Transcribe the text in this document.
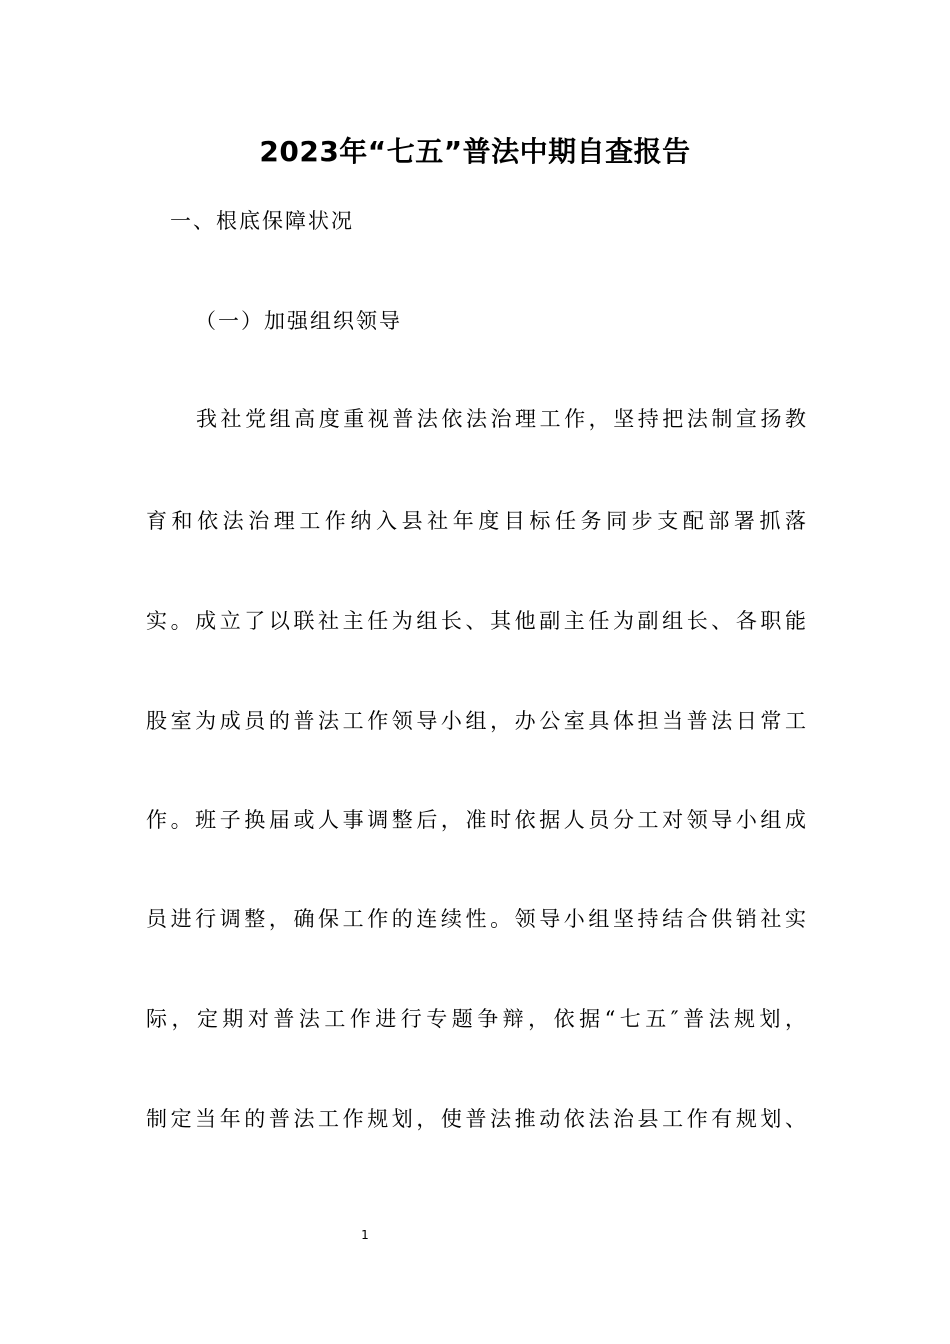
2023年“七五”普法中期自查报告
一、根底保障状况
（一）加强组织领导
我社党组高度重视普法依法治理工作，坚持把法制宣扬教
育和依法治理工作纳入县社年度目标任务同步支配部署抓落
实。成立了以联社主任为组长、其他副主任为副组长、各职能
股室为成员的普法工作领导小组，办公室具体担当普法日常工
作。班子换届或人事调整后，准时依据人员分工对领导小组成
员进行调整，确保工作的连续性。领导小组坚持结合供销社实
际，定期对普法工作进行专题争辩，依据“七五″普法规划，
制定当年的普法工作规划，使普法推动依法治县工作有规划、
1
